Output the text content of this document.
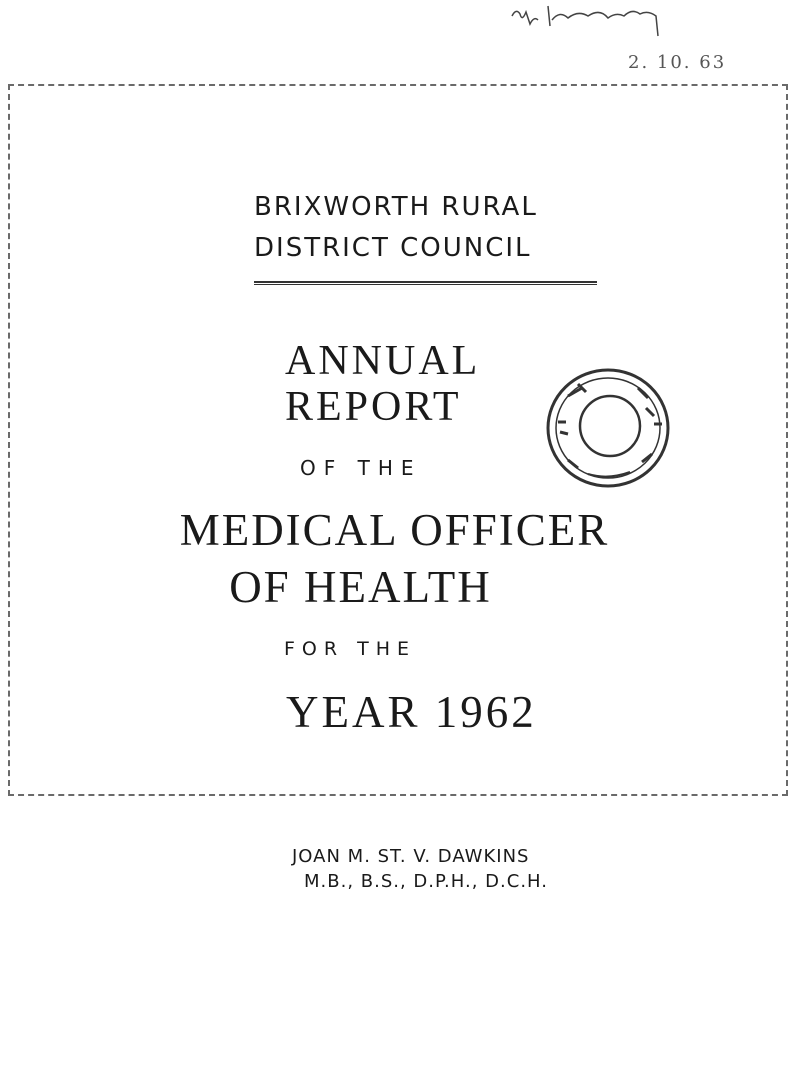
2. 10. 63
BRIXWORTH RURAL
DISTRICT COUNCIL
ANNUAL
REPORT
OF THE
MEDICAL OFFICER
OF HEALTH
FOR THE
YEAR 1962
JOAN M. ST. V. DAWKINS
M.B., B.S., D.P.H., D.C.H.
